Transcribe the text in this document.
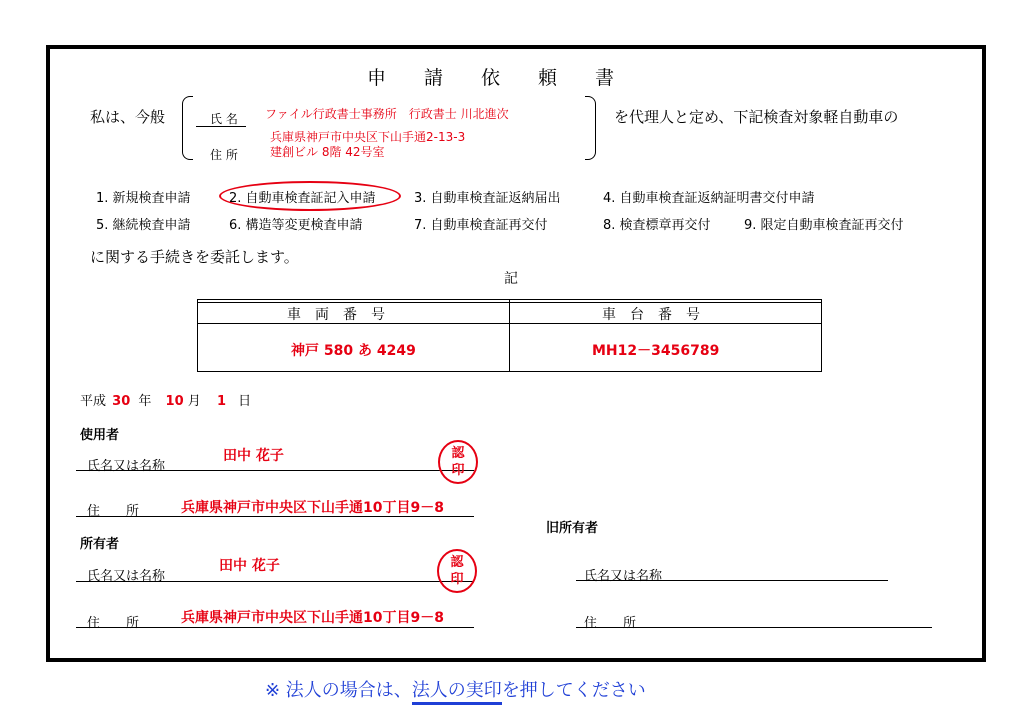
申　　請　　依　　頼　　書
私は、今般	氏 名 ファイル行政書士事務所　行政書士 川北進次
兵庫県神戸市中央区下山手通2-13-3
建創ビル 8階 42号室
住 所
を代理人と定め、下記検査対象軽自動車の
1. 新規検査申請	2. 自動車検査証記入申請	3. 自動車検査証返納届出	4. 自動車検査証返納証明書交付申請
5. 継続検査申請	6. 構造等変更検査申請	7. 自動車検査証再交付	8. 検査標章再交付	9. 限定自動車検査証再交付
に関する手続きを委託します。
記
車　両　番　号	車　台　番　号
神戸 580 あ 4249	MH12－3456789
平成 30 年 10 月 1 日
使用者
氏名又は名称
田中 花子	認
印
住　　所	兵庫県神戸市中央区下山手通10丁目9－8
所有者
氏名又は名称
田中 花子	認
印
住　　所	兵庫県神戸市中央区下山手通10丁目9－8
旧所有者
氏名又は名称
住　　所
※ 法人の場合は、法人の実印を押してください
